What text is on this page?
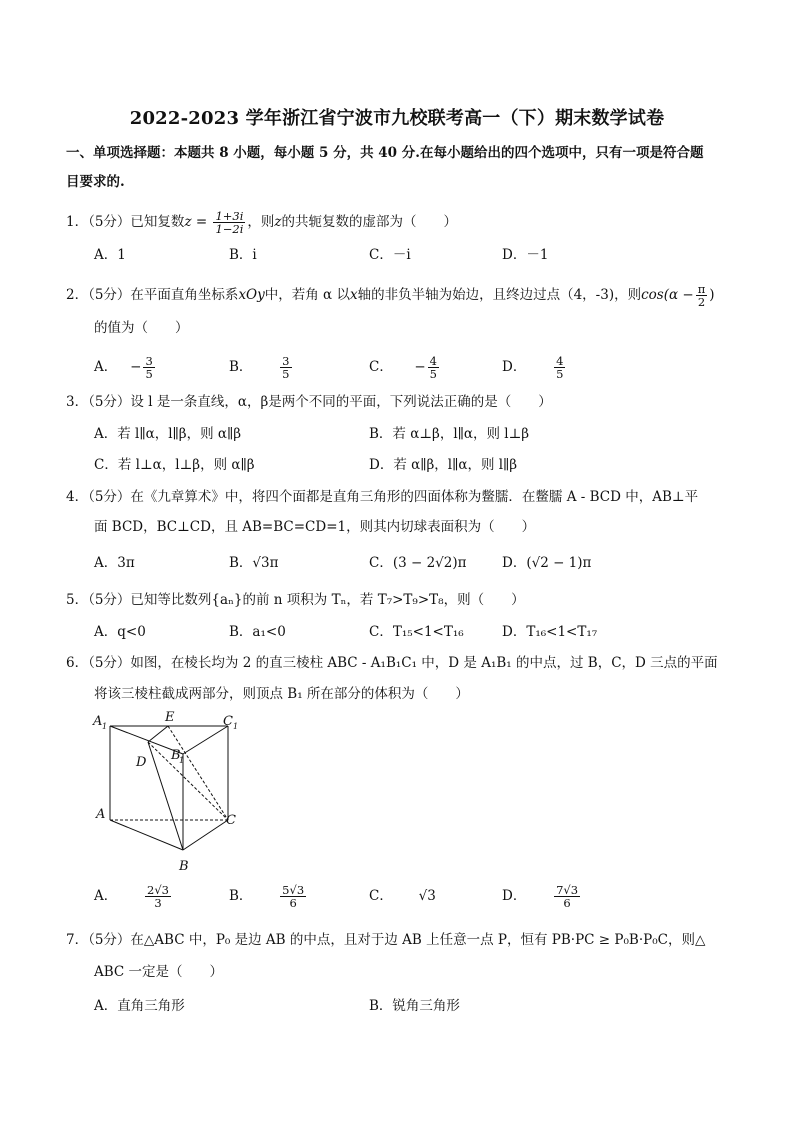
2022-2023 学年浙江省宁波市九校联考高一（下）期末数学试卷
一、单项选择题：本题共 8 小题，每小题 5 分，共 40 分.在每小题给出的四个选项中，只有一项是符合题
目要求的.
1．（5分）已知复数$z = \frac{1+3i}{1-2i}$ ，则z的共轭复数的虚部为（　　）
A．1	B．i	C．－i	D．－1
2．（5分）在平面直角坐标系xOy中，若角 α 以x轴的非负半轴为始边，且终边过点（4，-3)，则$\cos(\alpha - \frac{\pi}{2}$ )
的值为（　　）
A． − $\frac{3}{5}$	B． $\frac{3}{5}$	C． − $\frac{4}{5}$	D． $\frac{4}{5}$
3．（5分）设 l 是一条直线，α，β是两个不同的平面，下列说法正确的是（　　）
A．若 l∥α，l∥β，则 α∥β	B．若 α⊥β，l∥α，则 l⊥β
C．若 l⊥α，l⊥β，则 α∥β	D．若 α∥β，l∥α，则 l∥β
4．（5分）在《九章算术》中，将四个面都是直角三角形的四面体称为鳖臑．在鳖臑 A - BCD 中，AB⊥平
面 BCD，BC⊥CD，且 AB=BC=CD=1，则其内切球表面积为（　　）
A．3π	B．√3π	C．(3 − 2√2)π	D．(√2 − 1)π
5．（5分）已知等比数列{aₙ}的前 n 项积为 Tₙ，若 T₇>T₉>T₈，则（　　）
A．q<0	B．a₁<0	C．T₁₅<1<T₁₆	D．T₁₆<1<T₁₇
6．（5分）如图，在棱长均为 2 的直三棱柱 ABC - A₁B₁C₁ 中，D 是 A₁B₁ 的中点，过 B，C，D 三点的平面
将该三棱柱截成两部分，则顶点 B₁ 所在部分的体积为（　　）
A 1
E	C 1
B
1
D
A	C
B
A． $\frac{2√3}{3}$	B． $\frac{5√3}{6}$	C． √3	D． $\frac{7√3}{6}$
7．（5分）在△ABC 中，P₀ 是边 AB 的中点，且对于边 AB 上任意一点 P，恒有 PB·PC ≥ P₀B·P₀C，则△
ABC 一定是（　　）
A．直角三角形	B．锐角三角形
